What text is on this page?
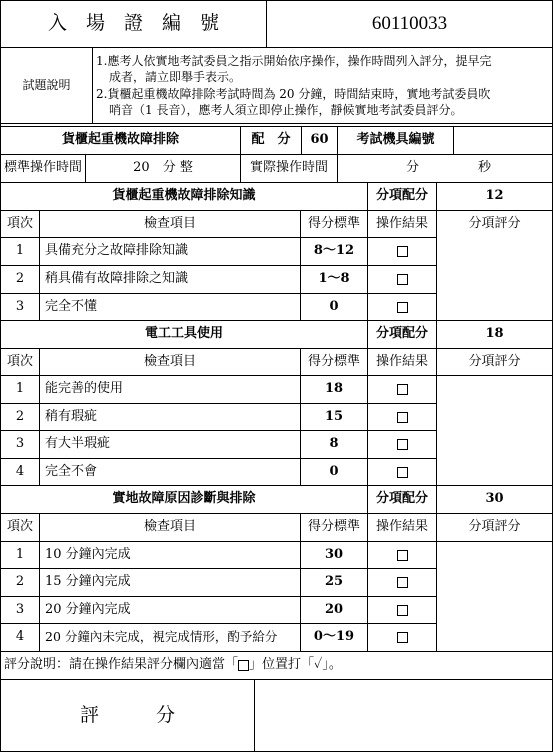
入　場　證　編　號	60110033
試題說明
1.應考人依實地考試委員之指示開始依序操作，操作時間列入評分，提早完
成者，請立即舉手表示。
2.貨櫃起重機故障排除考試時間為 20 分鐘，時間結束時，實地考試委員吹
哨音（1 長音），應考人須立即停止操作，靜候實地考試委員評分。
貨櫃起重機故障排除	配　分	60	考試機具編號
標準操作時間	20　分 整	實際操作時間	分	秒
貨櫃起重機故障排除知識	分項配分	12
項次	檢查項目	得分標準	操作結果	分項評分
1	具備充分之故障排除知識	8～12
2	稍具備有故障排除之知識	1～8
3	完全不懂	0
電工工具使用	分項配分	18
項次	檢查項目	得分標準	操作結果	分項評分
1	能完善的使用	18
2	稍有瑕疵	15
3	有大半瑕疵	8
4	完全不會	0
實地故障原因診斷與排除	分項配分	30
項次	檢查項目	得分標準	操作結果	分項評分
1	10 分鐘內完成	30
2	15 分鐘內完成	25
3	20 分鐘內完成	20
4	20 分鐘內未完成，視完成情形，酌予給分	0～19
評分說明：請在操作結果評分欄內適當「 」位置打「✓」。
評　　　分
